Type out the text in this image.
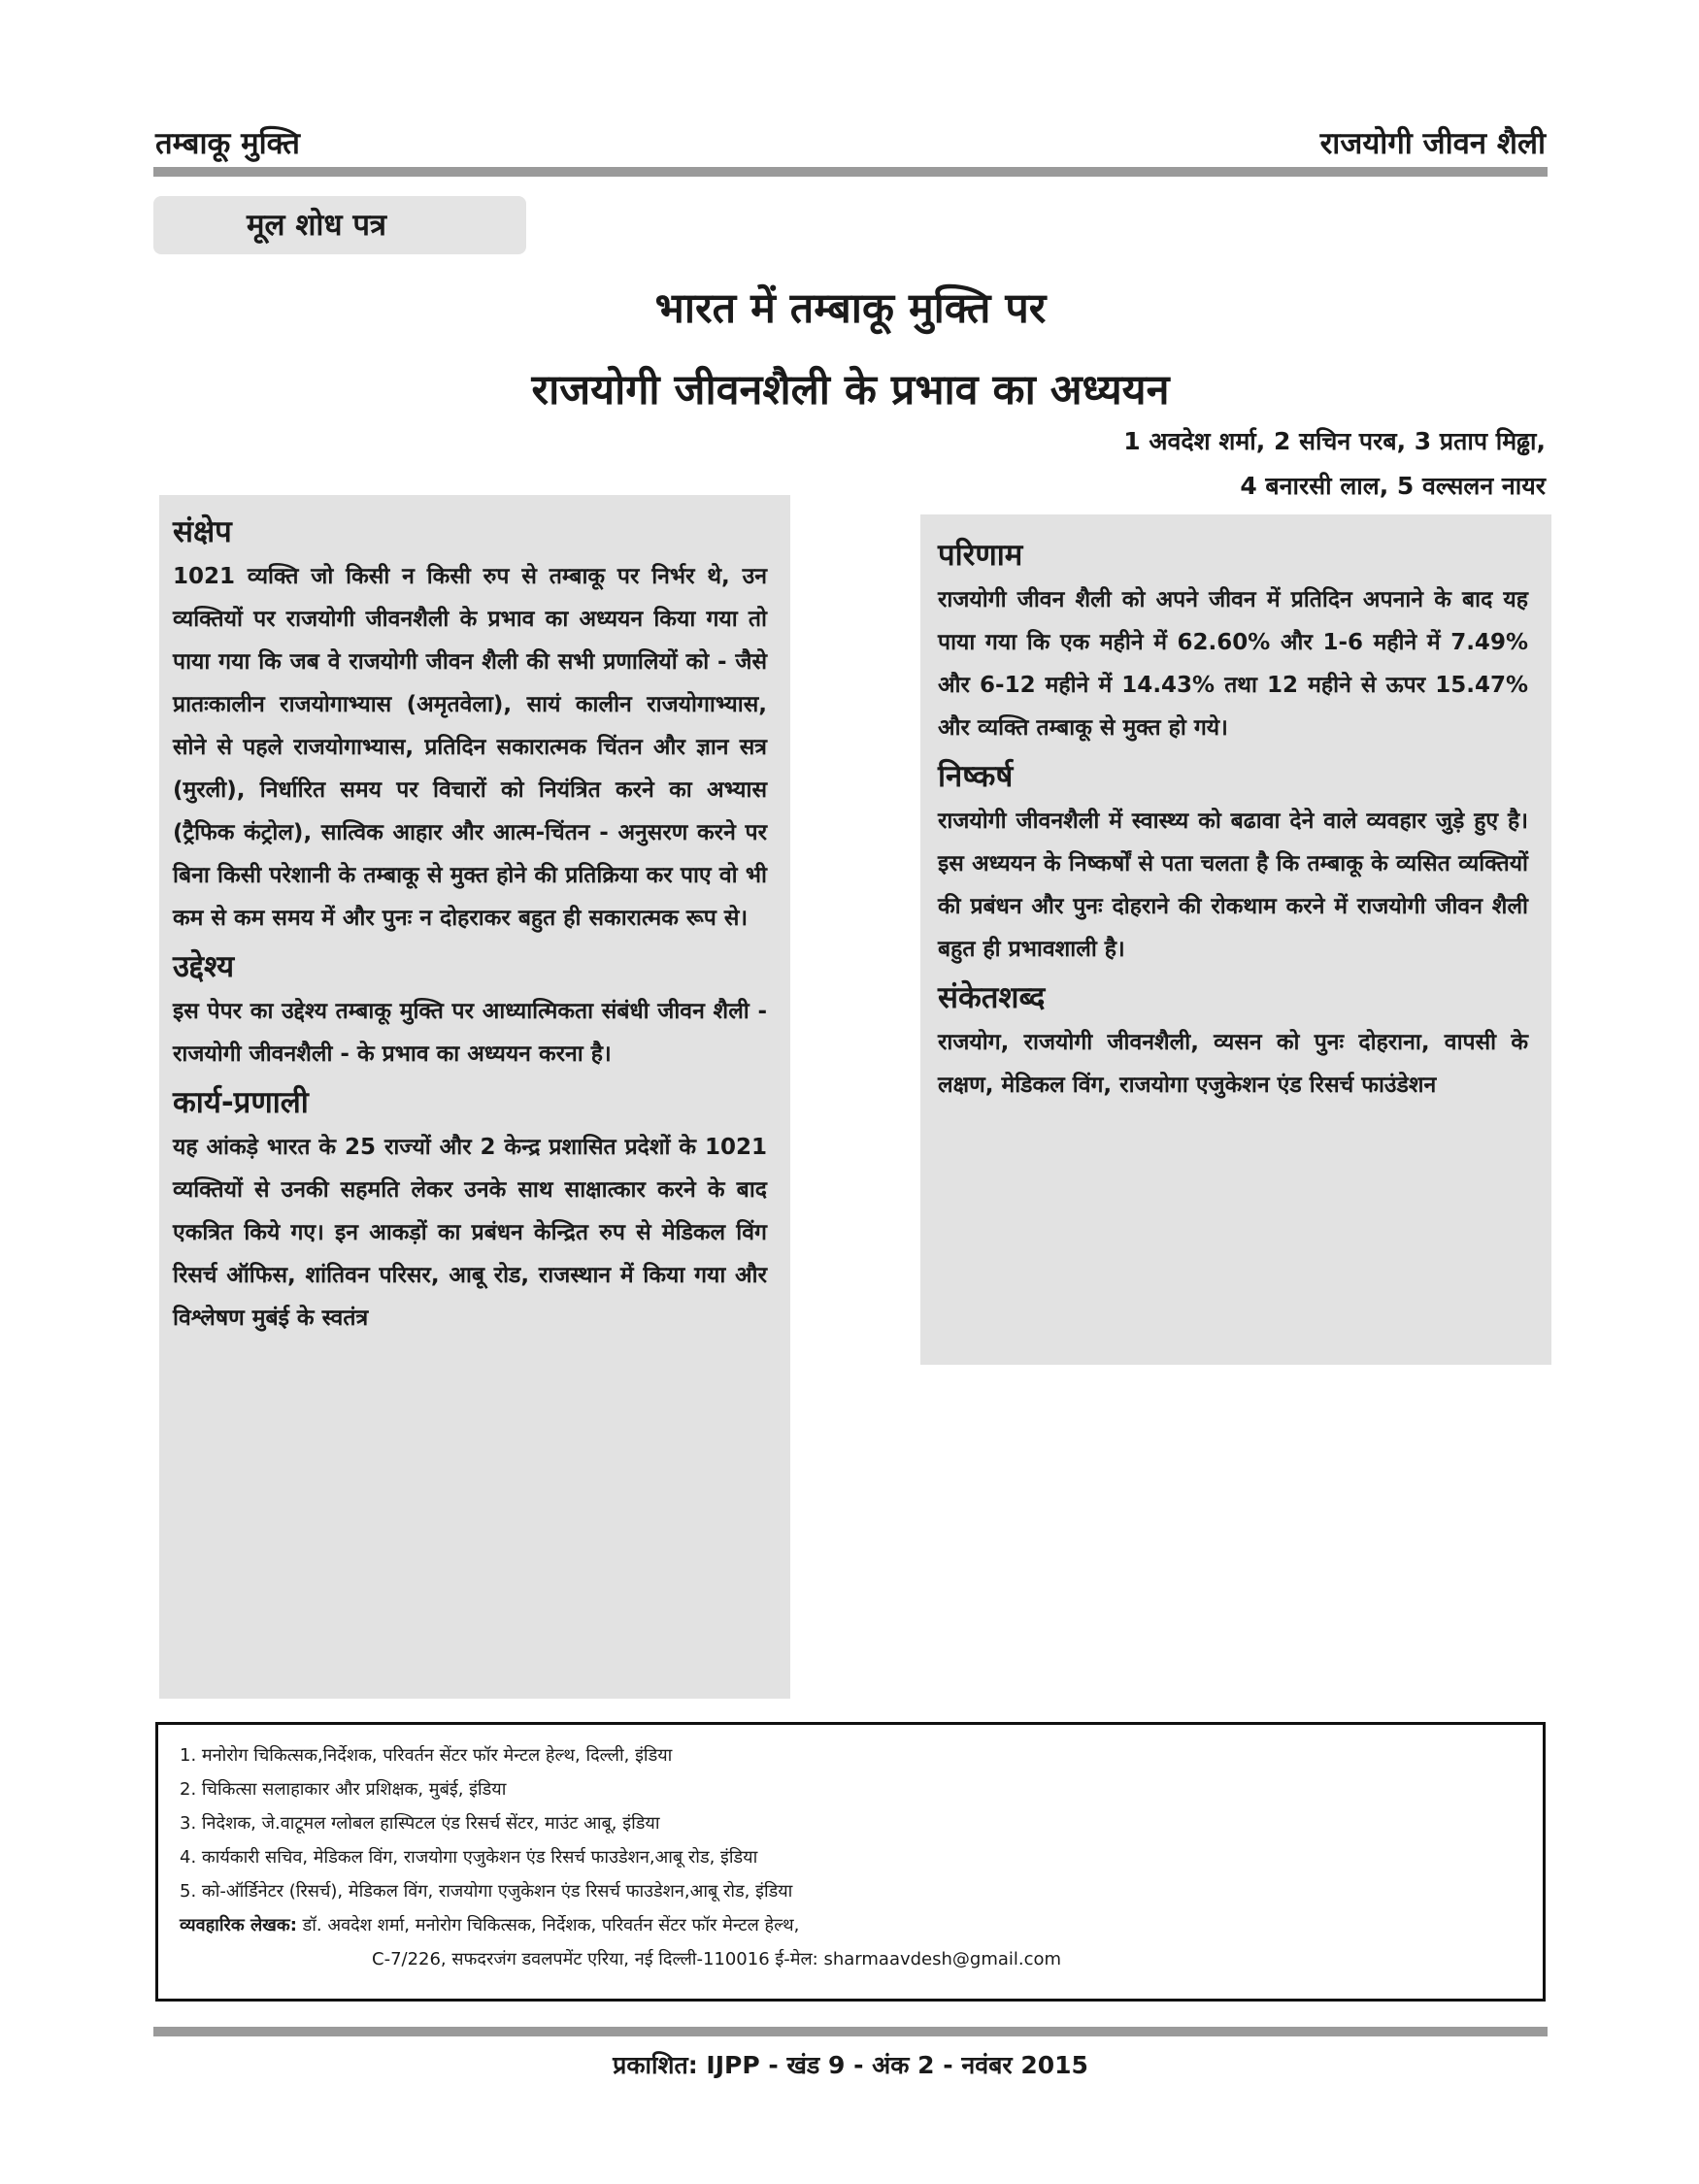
तम्बाकू मुक्ति	राजयोगी जीवन शैली
मूल शोध पत्र
भारत में तम्बाकू मुक्ति पर
राजयोगी जीवनशैली के प्रभाव का अध्ययन
1 अवदेश शर्मा, 2 सचिन परब, 3 प्रताप मिढ्ढा,
4 बनारसी लाल, 5 वल्सलन नायर
संक्षेप

1021 व्यक्ति जो किसी न किसी रुप से तम्बाकू पर निर्भर थे, उन व्यक्तियों पर राजयोगी जीवनशैली के प्रभाव का अध्ययन किया गया तो पाया गया कि जब वे राजयोगी जीवन शैली की सभी प्रणालियों को - जैसे प्रातःकालीन राजयोगाभ्यास (अमृतवेला), सायं कालीन राजयोगाभ्यास, सोने से पहले राजयोगाभ्यास, प्रतिदिन सकारात्मक चिंतन और ज्ञान सत्र (मुरली), निर्धारित समय पर विचारों को नियंत्रित करने का अभ्यास (ट्रैफिक कंट्रोल), सात्विक आहार और आत्म-चिंतन - अनुसरण करने पर बिना किसी परेशानी के तम्बाकू से मुक्त होने की प्रतिक्रिया कर पाए वो भी कम से कम समय में और पुनः न दोहराकर बहुत ही सकारात्मक रूप से।

उद्देश्य

इस पेपर का उद्देश्य तम्बाकू मुक्ति पर आध्यात्मिकता संबंधी जीवन शैली - राजयोगी जीवनशैली - के प्रभाव का अध्ययन करना है।

कार्य-प्रणाली

यह आंकड़े भारत के 25 राज्यों और 2 केन्द्र प्रशासित प्रदेशों के 1021 व्यक्तियों से उनकी सहमति लेकर उनके साथ साक्षात्कार करने के बाद एकत्रित किये गए। इन आकड़ों का प्रबंधन केन्द्रित रुप से मेडिकल विंग रिसर्च ऑफिस, शांतिवन परिसर, आबू रोड, राजस्थान में किया गया और विश्लेषण मुबंई के स्वतंत्र

परिणाम

राजयोगी जीवन शैली को अपने जीवन में प्रतिदिन अपनाने के बाद यह पाया गया कि एक महीने में 62.60% और 1-6 महीने में 7.49% और 6-12 महीने में 14.43% तथा 12 महीने से ऊपर 15.47% और व्यक्ति तम्बाकू से मुक्त हो गये।

निष्कर्ष

राजयोगी जीवनशैली में स्वास्थ्य को बढावा देने वाले व्यवहार जुड़े हुए है। इस अध्ययन के निष्कर्षों से पता चलता है कि तम्बाकू के व्यसित व्यक्तियों की प्रबंधन और पुनः दोहराने की रोकथाम करने में राजयोगी जीवन शैली बहुत ही प्रभावशाली है।

संकेतशब्द

राजयोग, राजयोगी जीवनशैली, व्यसन को पुनः दोहराना, वापसी के लक्षण, मेडिकल विंग, राजयोगा एजुकेशन एंड रिसर्च फाउंडेशन

1. मनोरोग चिकित्सक,निर्देशक, परिवर्तन सेंटर फॉर मेन्टल हेल्थ, दिल्ली, इंडिया
2. चिकित्सा सलाहाकार और प्रशिक्षक, मुबंई, इंडिया
3. निदेशक, जे.वाटूमल ग्लोबल हास्पिटल एंड रिसर्च सेंटर, माउंट आबू, इंडिया
4. कार्यकारी सचिव, मेडिकल विंग, राजयोगा एजुकेशन एंड रिसर्च फाउडेशन,आबू रोड, इंडिया
5. को-ऑर्डिनेटर (रिसर्च), मेडिकल विंग, राजयोगा एजुकेशन एंड रिसर्च फाउडेशन,आबू रोड, इंडिया
व्यवहारिक लेखक: डॉ. अवदेश शर्मा, मनोरोग चिकित्सक, निर्देशक, परिवर्तन सेंटर फॉर मेन्टल हेल्थ,
C-7/226, सफदरजंग डवलपमेंट एरिया, नई दिल्ली-110016 ई-मेल: sharmaavdesh@gmail.com
प्रकाशित: IJPP - खंड 9 - अंक 2 - नवंबर 2015
